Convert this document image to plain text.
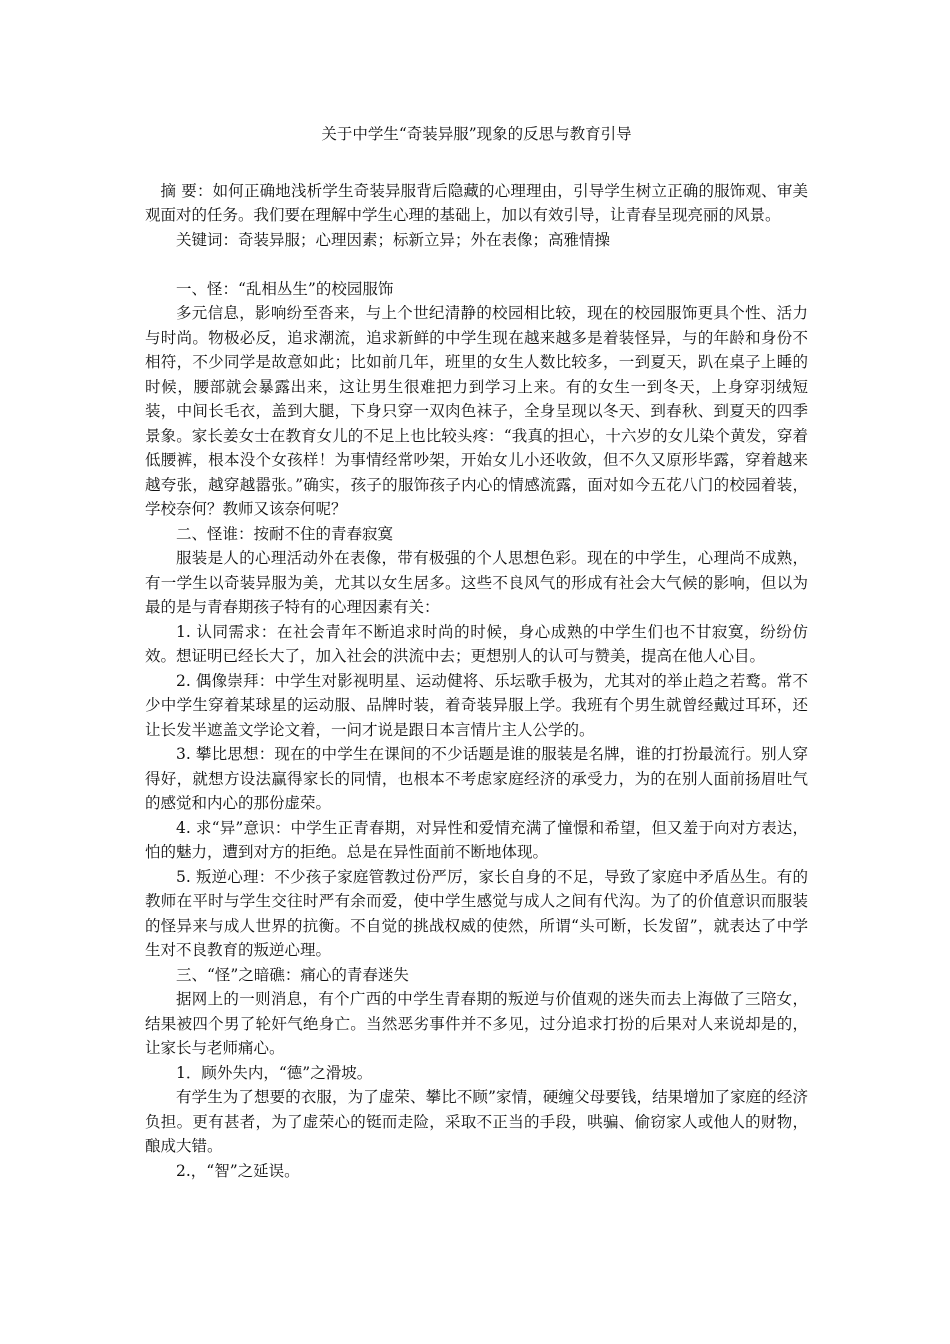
关于中学生“奇装异服”现象的反思与教育引导

摘 要：如何正确地浅析学生奇装异服背后隐藏的心理理由，引导学生树立正确的服饰观、审美观面对的任务。我们要在理解中学生心理的基础上，加以有效引导，让青春呈现亮丽的风景。

关键词：奇装异服；心理因素；标新立异；外在表像；高雅情操

一、怪：“乱相丛生”的校园服饰

多元信息，影响纷至沓来，与上个世纪清静的校园相比较，现在的校园服饰更具个性、活力与时尚。物极必反，追求潮流，追求新鲜的中学生现在越来越多是着装怪异，与的年龄和身份不相符，不少同学是故意如此；比如前几年，班里的女生人数比较多，一到夏天，趴在桌子上睡的时候，腰部就会暴露出来，这让男生很难把力到学习上来。有的女生一到冬天，上身穿羽绒短装，中间长毛衣，盖到大腿，下身只穿一双肉色袜子，全身呈现以冬天、到春秋、到夏天的四季景象。家长姜女士在教育女儿的不足上也比较头疼：“我真的担心，十六岁的女儿染个黄发，穿着低腰裤，根本没个女孩样！为事情经常吵架，开始女儿小还收敛，但不久又原形毕露，穿着越来越夸张，越穿越嚣张。”确实，孩子的服饰孩子内心的情感流露，面对如今五花八门的校园着装，学校奈何？教师又该奈何呢？

二、怪谁：按耐不住的青春寂寞

服装是人的心理活动外在表像，带有极强的个人思想色彩。现在的中学生，心理尚不成熟，有一学生以奇装异服为美，尤其以女生居多。这些不良风气的形成有社会大气候的影响，但以为最的是与青春期孩子特有的心理因素有关：

1. 认同需求：在社会青年不断追求时尚的时候，身心成熟的中学生们也不甘寂寞，纷纷仿效。想证明已经长大了，加入社会的洪流中去；更想别人的认可与赞美，提高在他人心目。

2. 偶像崇拜：中学生对影视明星、运动健将、乐坛歌手极为，尤其对的举止趋之若鹜。常不少中学生穿着某球星的运动服、品牌时装，着奇装异服上学。我班有个男生就曾经戴过耳环，还让长发半遮盖文学论文着，一问才说是跟日本言情片主人公学的。

3. 攀比思想：现在的中学生在课间的不少话题是谁的服装是名牌，谁的打扮最流行。别人穿得好，就想方设法赢得家长的同情，也根本不考虑家庭经济的承受力，为的在别人面前扬眉吐气的感觉和内心的那份虚荣。

4. 求“异”意识：中学生正青春期，对异性和爱情充满了憧憬和希望，但又羞于向对方表达，怕的魅力，遭到对方的拒绝。总是在异性面前不断地体现。

5. 叛逆心理：不少孩子家庭管教过份严厉，家长自身的不足，导致了家庭中矛盾丛生。有的教师在平时与学生交往时严有余而爱，使中学生感觉与成人之间有代沟。为了的价值意识而服装的怪异来与成人世界的抗衡。不自觉的挑战权威的使然，所谓“头可断，长发留”，就表达了中学生对不良教育的叛逆心理。

三、“怪”之暗礁：痛心的青春迷失

据网上的一则消息，有个广西的中学生青春期的叛逆与价值观的迷失而去上海做了三陪女，结果被四个男了轮奸气绝身亡。当然恶劣事件并不多见，过分追求打扮的后果对人来说却是的，让家长与老师痛心。

1．顾外失内，“德”之滑坡。

有学生为了想要的衣服，为了虚荣、攀比不顾”家情，硬缠父母要钱，结果增加了家庭的经济负担。更有甚者，为了虚荣心的铤而走险，采取不正当的手段，哄骗、偷窃家人或他人的财物，酿成大错。

2.，“智”之延误。
